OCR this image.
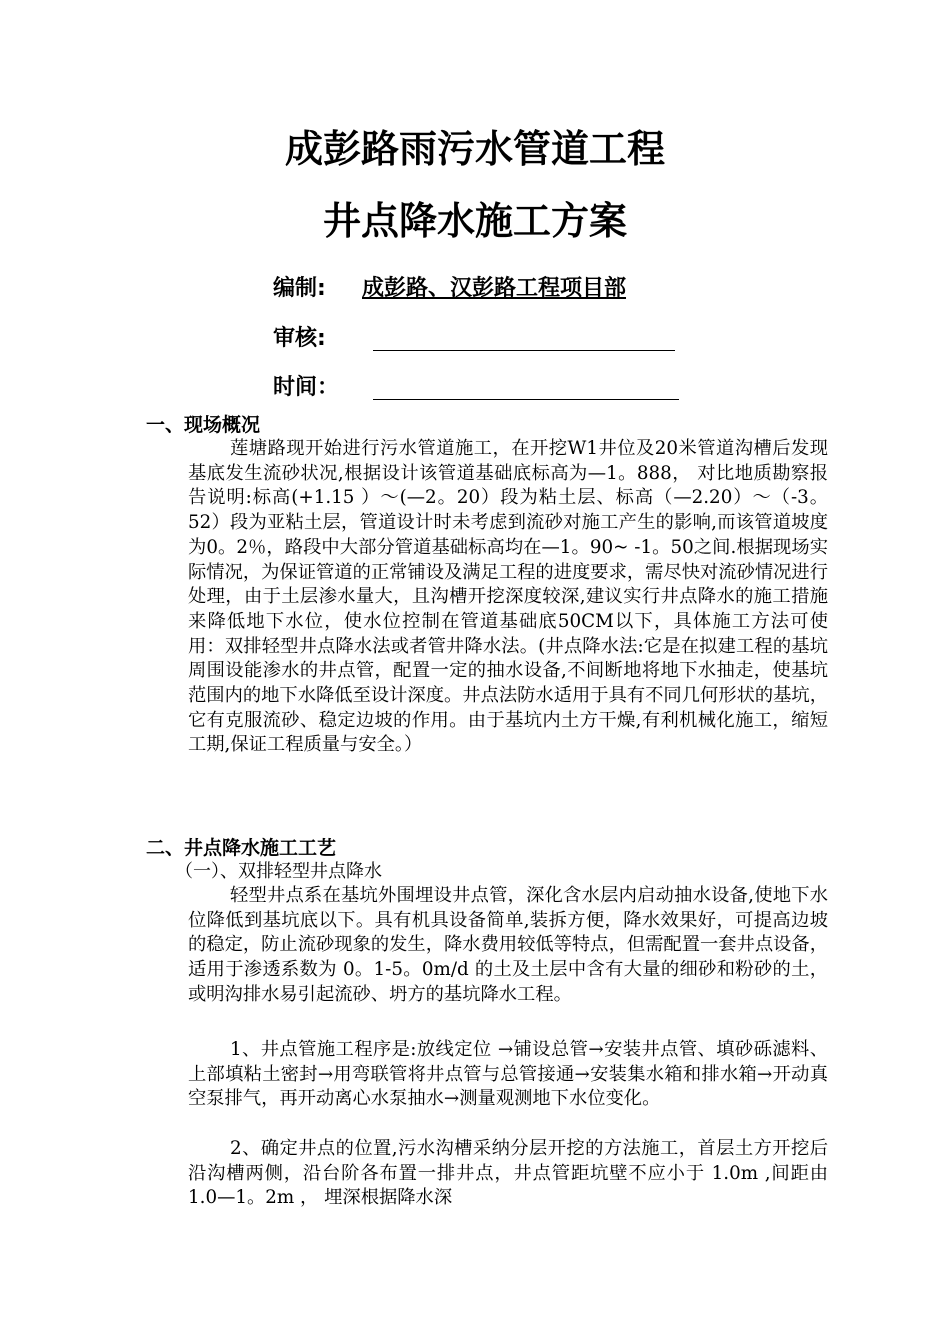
成彭路雨污水管道工程
井点降水施工方案
编制: 成彭路、汉彭路工程项目部
审核:
时间：
一、现场概况

莲塘路现开始进行污水管道施工，在开挖W1井位及20米管道沟槽后发现基底发生流砂状况,根据设计该管道基础底标高为—1。888， 对比地质勘察报告说明:标高(+1.15 ）～(—2。20）段为粘土层、标高（—2.20）～（-3。52）段为亚粘土层，管道设计时未考虑到流砂对施工产生的影响,而该管道坡度为0。2％，路段中大部分管道基础标高均在—1。90~ -1。50之间.根据现场实际情况，为保证管道的正常铺设及满足工程的进度要求，需尽快对流砂情况进行处理，由于土层渗水量大，且沟槽开挖深度较深,建议实行井点降水的施工措施来降低地下水位，使水位控制在管道基础底50CM以下，具体施工方法可使用：双排轻型井点降水法或者管井降水法。(井点降水法:它是在拟建工程的基坑周围设能渗水的井点管，配置一定的抽水设备,不间断地将地下水抽走，使基坑范围内的地下水降低至设计深度。井点法防水适用于具有不同几何形状的基坑，它有克服流砂、稳定边坡的作用。由于基坑内土方干燥,有利机械化施工，缩短工期,保证工程质量与安全。）

二、井点降水施工工艺
（一）、双排轻型井点降水

轻型井点系在基坑外围埋设井点管，深化含水层内启动抽水设备,使地下水位降低到基坑底以下。具有机具设备简单,装拆方便，降水效果好，可提高边坡的稳定，防止流砂现象的发生，降水费用较低等特点，但需配置一套井点设备，适用于渗透系数为 0。1-5。0m/d 的土及土层中含有大量的细砂和粉砂的土，或明沟排水易引起流砂、坍方的基坑降水工程。

1、井点管施工程序是:放线定位 →铺设总管→安装井点管、填砂砾滤料、上部填粘土密封→用弯联管将井点管与总管接通→安装集水箱和排水箱→开动真空泵排气，再开动离心水泵抽水→测量观测地下水位变化。

2、确定井点的位置,污水沟槽采纳分层开挖的方法施工，首层土方开挖后沿沟槽两侧，沿台阶各布置一排井点，井点管距坑壁不应小于 1.0m ,间距由 1.0—1。2m ， 埋深根据降水深
